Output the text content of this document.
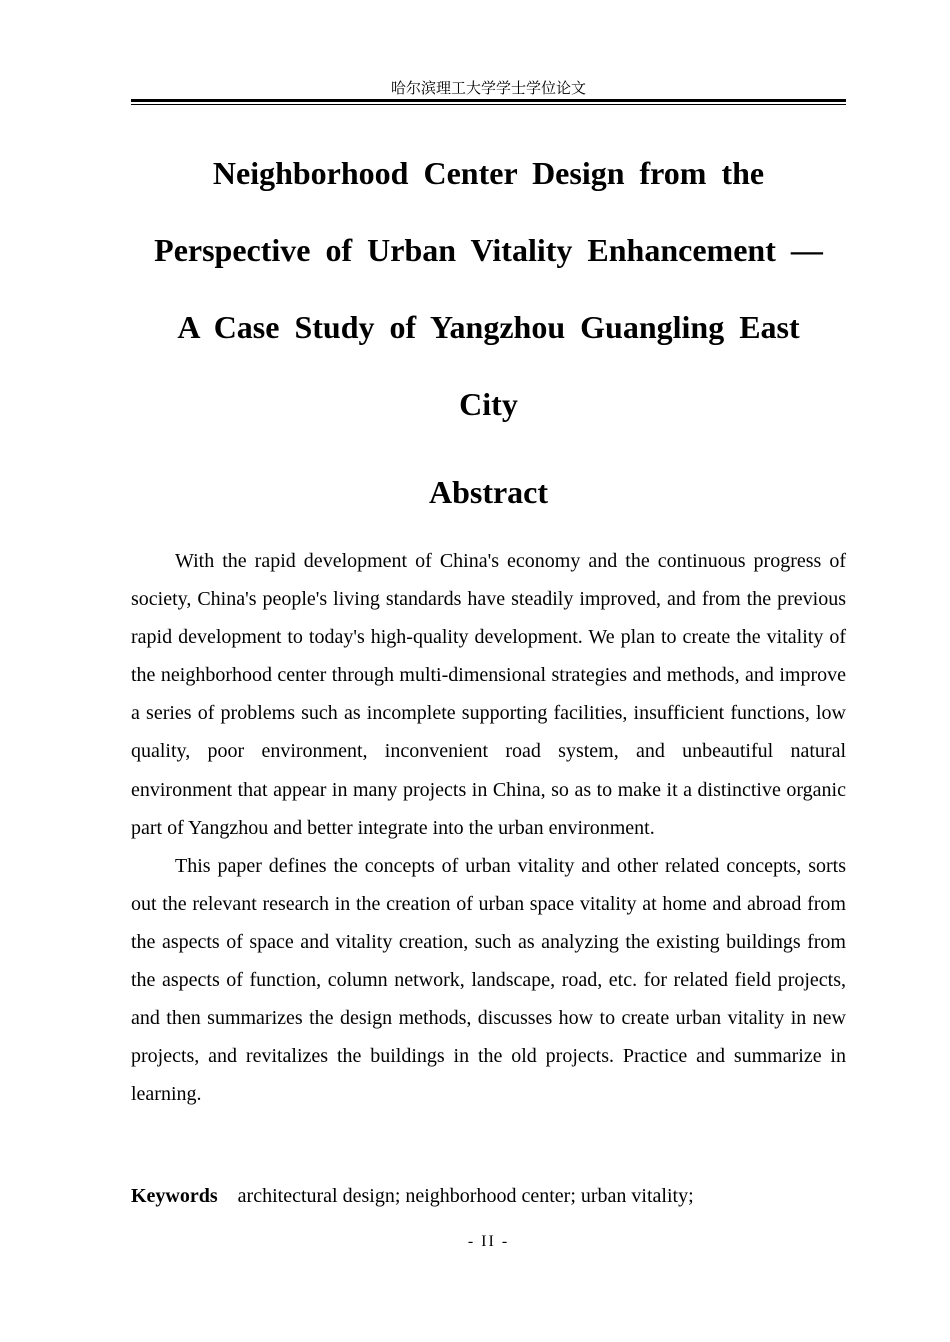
哈尔滨理工大学学士学位论文
Neighborhood Center Design from the
Perspective of Urban Vitality Enhancement —
A Case Study of Yangzhou Guangling East
City
Abstract

With the rapid development of China's economy and the continuous progress of society, China's people's living standards have steadily improved, and from the previous rapid development to today's high-quality development. We plan to create the vitality of the neighborhood center through multi-dimensional strategies and methods, and improve a series of problems such as incomplete supporting facilities, insufficient functions, low quality, poor environment, inconvenient road system, and unbeautiful natural environment that appear in many projects in China, so as to make it a distinctive organic part of Yangzhou and better integrate into the urban environment.

This paper defines the concepts of urban vitality and other related concepts, sorts out the relevant research in the creation of urban space vitality at home and abroad from the aspects of space and vitality creation, such as analyzing the existing buildings from the aspects of function, column network, landscape, road, etc. for related field projects, and then summarizes the design methods, discusses how to create urban vitality in new projects, and revitalizes the buildings in the old projects. Practice and summarize in learning.

Keywords architectural design; neighborhood center; urban vitality;
- II -
